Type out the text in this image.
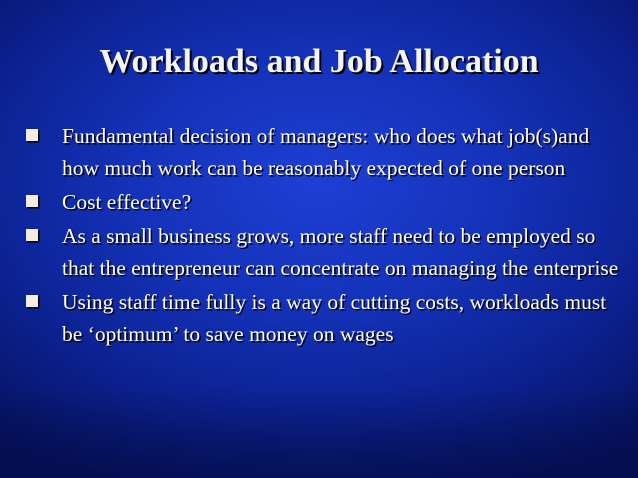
Workloads and Job Allocation
Fundamental decision of managers: who does what job(s)and how much work can be reasonably expected of one person
Cost effective?
As a small business grows, more staff need to be employed so that the entrepreneur can concentrate on managing the enterprise
Using staff time fully is a way of cutting costs, workloads must be ‘optimum’ to save money on wages
